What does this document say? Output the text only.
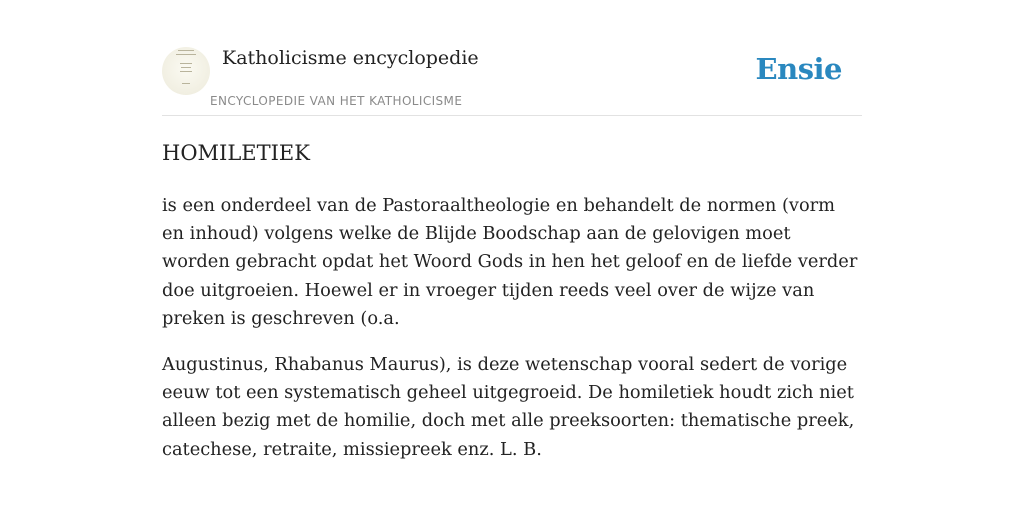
Katholicisme encyclopedie
ENCYCLOPEDIE VAN HET KATHOLICISME
Ensie
HOMILETIEK

is een onderdeel van de Pastoraaltheologie en behandelt de normen (vorm en inhoud) volgens welke de Blijde Boodschap aan de gelovigen moet worden gebracht opdat het Woord Gods in hen het geloof en de liefde verder doe uitgroeien. Hoewel er in vroeger tijden reeds veel over de wijze van preken is geschreven (o.a.

Augustinus, Rhabanus Maurus), is deze wetenschap vooral sedert de vorige eeuw tot een systematisch geheel uitgegroeid. De homiletiek houdt zich niet alleen bezig met de homilie, doch met alle preeksoorten: thematische preek, catechese, retraite, missiepreek enz. L. B.
